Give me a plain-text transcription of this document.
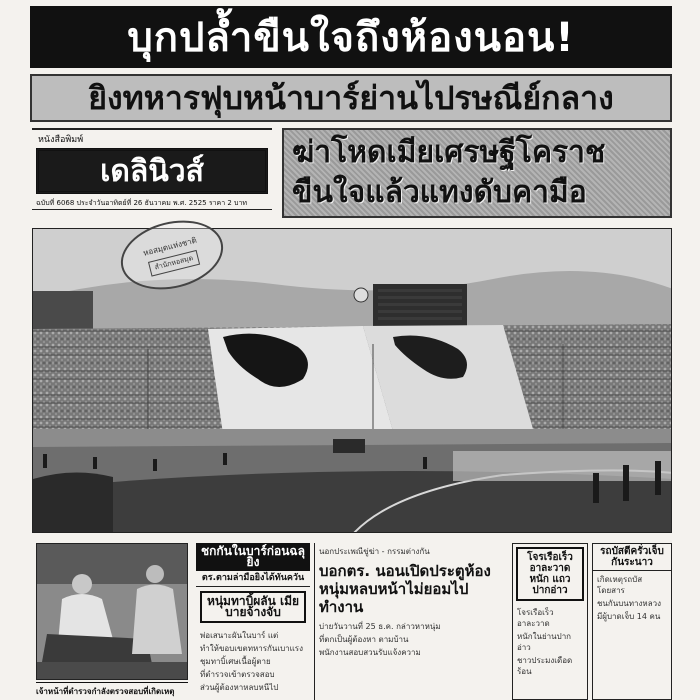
บุกปล้ำขืนใจถึงห้องนอน!
ยิงทหารฟุบหน้าบาร์ย่านไปรษณีย์กลาง
หนังสือพิมพ์
เดลินิวส์
ฉบับที่ 6068 ประจำวันอาทิตย์ที่ 26 ธันวาคม พ.ศ. 2525 ราคา 2 บาท
ฆ่าโหดเมียเศรษฐีโคราช
ขืนใจแล้วแทงดับคามือ
หอสมุดแห่งชาติ
สำนักหอสมุด
เจ้าหน้าที่ตำรวจกำลังตรวจสอบที่เกิดเหตุ
ชกกันในบาร์ก่อนฉลุยิง
ตร.ตามล่ามือยิงได้ทันควัน
หนุ่มทาบิ้ผลัน เมียบายจ้างจับ

พ่อเสนาะผันในบาร์ แต่

ทำให้ขอบเขตทหารกันเบาแรง

ชุมทาบิ้เศษเนื้อผู้ตาย

ที่ตำรวจเข้าตรวจสอบ

ส่วนผู้ต้องหาหลบหนีไป

นอกประเพณีขู่ฆ่า - กรรมต่างกัน
บอกตร. นอนเปิดประตูห้อง หนุ่มหลบหน้าไม่ยอมไปทำงาน

บ่ายวันวานที่ 25 ธ.ค. กล่าวหาหนุ่ม

ที่ตกเป็นผู้ต้องหา ตามบ้าน

พนักงานสอบสวนรับแจ้งความ

โจรเรือเร็ว อาละวาดหนัก แถวปากอ่าว

โจรเรือเร็วอาละวาด

หนักในย่านปากอ่าว

ชาวประมงเดือดร้อน

รถบัสตีครั่วเจ็บกันระนาว

เกิดเหตุรถบัสโดยสาร

ชนกันบนทางหลวง

มีผู้บาดเจ็บ 14 คน
